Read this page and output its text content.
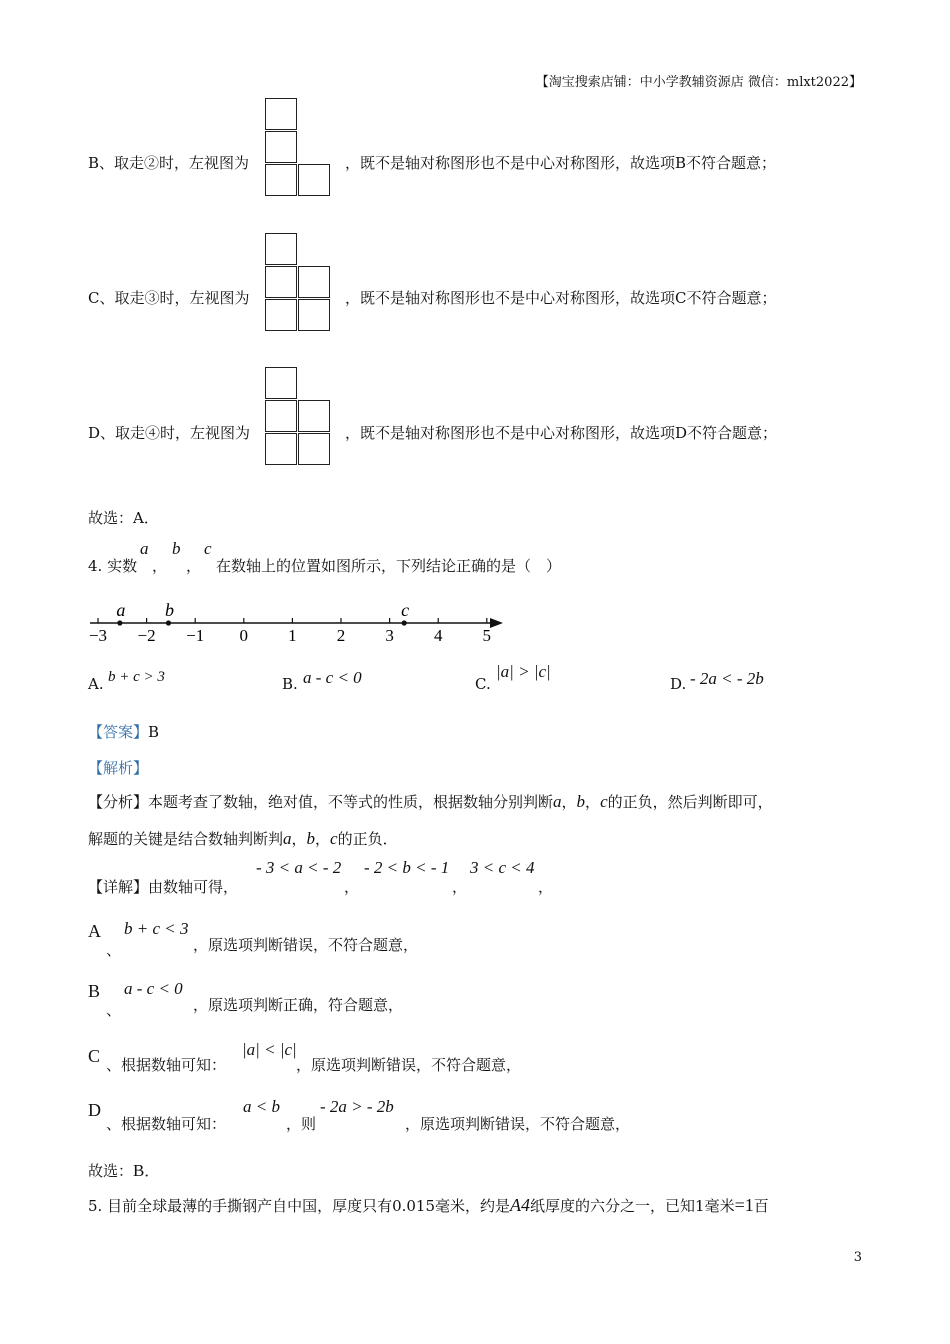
【淘宝搜索店铺：中小学教辅资源店 微信：mlxt2022】
B、取走②时，左视图为	，既不是轴对称图形也不是中心对称图形，故选项B不符合题意；
C、取走③时，左视图为	，既不是轴对称图形也不是中心对称图形，故选项C不符合题意；
D、取走④时，左视图为	，既不是轴对称图形也不是中心对称图形，故选项D不符合题意；
故选：A．
4. 实数
a
，
b
，
c
在数轴上的位置如图所示，下列结论正确的是（　）
−3 −2 −1 0 1 2 3 4 5
a b	c
A. b + c > 3	B. a - c < 0	C.
|a| > |c|
D. - 2a < - 2b
【答案】B
【解析】
【分析】本题考查了数轴，绝对值，不等式的性质，根据数轴分别判断a，b，c的正负，然后判断即可，
解题的关键是结合数轴判断判a，b，c的正负．
【详解】由数轴可得，
- 3 < a < - 2
，
- 2 < b < - 1
，
3 < c < 4
，
A
、
b + c < 3
，原选项判断错误，不符合题意，
B
、
a - c < 0
，原选项判断正确，符合题意，
C 、根据数轴可知：
|a| < |c|
，原选项判断错误，不符合题意，
D
、根据数轴可知：
a < b
，则
- 2a > - 2b
，原选项判断错误，不符合题意，
故选：B．
5. 目前全球最薄的手撕钢产自中国，厚度只有0.015毫米，约是A4纸厚度的六分之一，已知1毫米=1百
3
